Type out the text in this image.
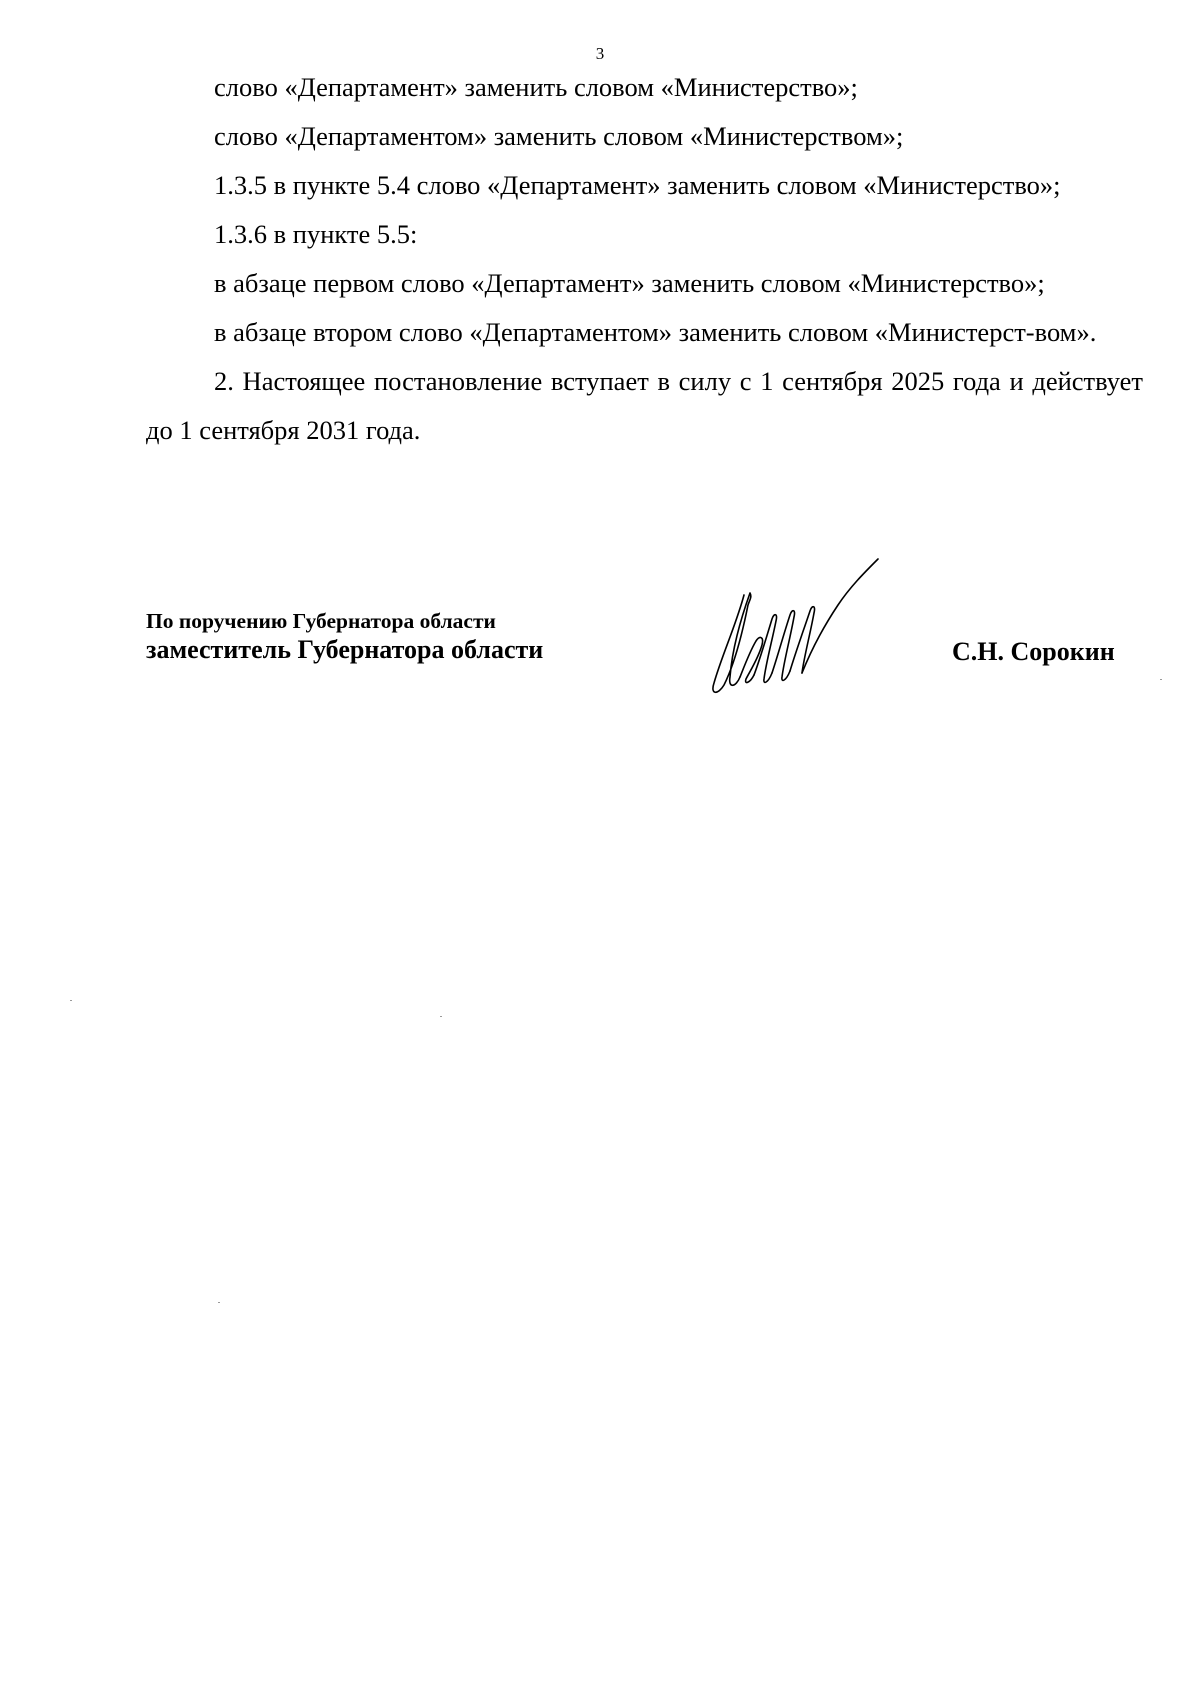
3

слово «Департамент» заменить словом «Министерство»;

слово «Департаментом» заменить словом «Министерством»;

1.3.5 в пункте 5.4 слово «Департамент» заменить словом «Министерство»;

1.3.6 в пункте 5.5:

в абзаце первом слово «Департамент» заменить словом «Министерство»;

в абзаце втором слово «Департаментом» заменить словом «Министерст-вом».

2. Настоящее постановление вступает в силу с 1 сентября 2025 года и действует до 1 сентября 2031 года.

По поручению Губернатора области
заместитель Губернатора области	С.Н. Сорокин
